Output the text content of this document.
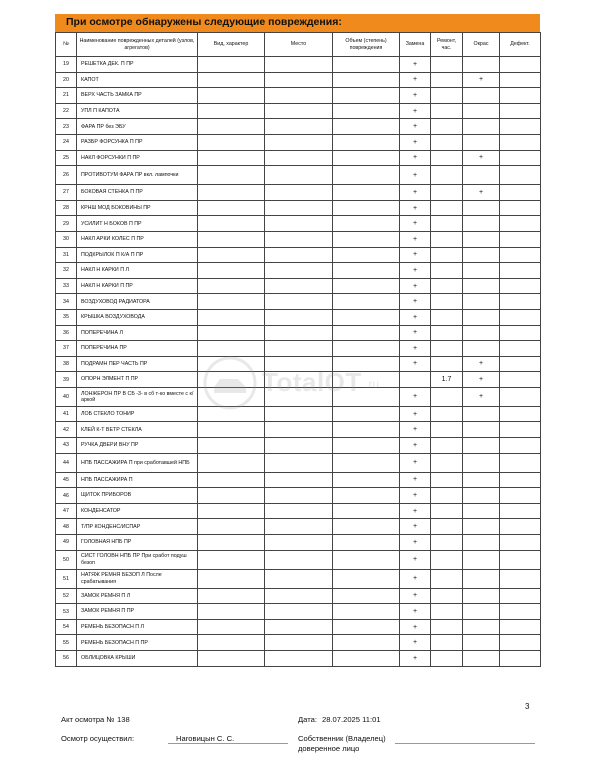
При осмотре обнаружены следующие повреждения:
№	Наименование поврежденных деталей (узлов, агрегатов)	Вид, характер	Место	Объем (степень) повреждения	Замена	Ремонт, час.	Окрас	Дефект.
19	РЕШЕТКА ДЕК. П ПР				+			
20	КАПОТ				+		+	
21	ВЕРХ ЧАСТЬ ЗАМКА ПР				+			
22	УПЛ П КАПОТА				+			
23	ФАРА ПР без ЭБУ				+			
24	РАЗБР ФОРСУНКА П ПР				+			
25	НАКЛ ФОРСУНКИ П ПР				+		+	
26	ПРОТИВОТУМ ФАРА ПР вкл. лампочки				+			
27	БОКОВАЯ СТЕНКА П ПР				+		+	
28	КРНШ МОД БОКОВИНЫ ПР				+			
29	УСИЛИТ Н БОКОВ П ПР				+			
30	НАКЛ АРКИ КОЛЕС П ПР				+			
31	ПОДКРЫЛОК П К/А П ПР				+			
32	НАКЛ Н КАРКИ П Л				+			
33	НАКЛ Н КАРКИ П ПР				+			
34	ВОЗДУХОВОД РАДИАТОРА				+			
35	КРЫШКА ВОЗДУХОВОДА				+			
36	ПОПЕРЕЧИНА Л				+			
37	ПОПЕРЕЧИНА ПР				+			
38	ПОДРАМН ПЕР ЧАСТЬ ПР				+		+	
39	ОПОРН ЭЛМЕНТ П ПР					1.7	+	
40	ЛОНЖЕРОН ПР В СБ -3- в сб т-ко вместе с к/аркой				+		+	
41	ЛОБ СТЕКЛО ТОНИР				+			
42	КЛЕЙ К-Т ВЕТР СТЕКЛА				+			
43	РУЧКА ДВЕРИ ВНУ ПР				+			
44	НПБ ПАССАЖИРА П при сработавшей НПБ				+			
45	НПБ ПАССАЖИРА П				+			
46	ЩИТОК ПРИБОРОВ				+			
47	КОНДЕНСАТОР				+			
48	Т/ПР КОНДЕНС/ИСПАР				+			
49	ГОЛОВНАЯ НПБ ПР				+			
50	СИСТ ГОЛОВН НПБ ПР При сработ подуш безоп				+			
51	НАТЯЖ РЕМНЯ БЕЗОП Л После срабатывания				+			
52	ЗАМОК РЕМНЯ П Л				+			
53	ЗАМОК РЕМНЯ П ПР				+			
54	РЕМЕНЬ БЕЗОПАСН П Л				+			
55	РЕМЕНЬ БЕЗОПАСН П ПР				+			
56	ОБЛИЦОВКА КРЫШИ				+			
TotalOT .ru
3
Акт осмотра № 138	Дата: 28.07.2025 11:01
Осмотр осуществил:	Наговицын С. С.	Собственник (Владелец)
доверенное лицо
